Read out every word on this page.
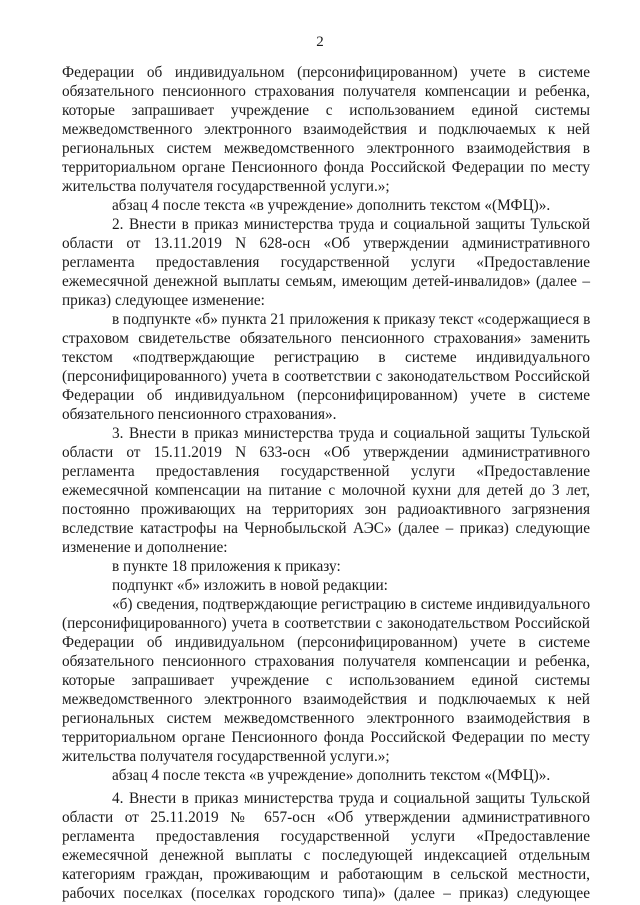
2
Федерации об индивидуальном (персонифицированном) учете в системе
обязательного пенсионного страхования получателя компенсации и ребенка,
которые запрашивает учреждение с использованием единой системы
межведомственного электронного взаимодействия и подключаемых к ней
региональных систем межведомственного электронного взаимодействия в
территориальном органе Пенсионного фонда Российской Федерации по месту
жительства получателя государственной услуги.»;
абзац 4 после текста «в учреждение» дополнить текстом «(МФЦ)».
2. Внести в приказ министерства труда и социальной защиты Тульской
области от 13.11.2019 N 628-осн «Об утверждении административного
регламента предоставления государственной услуги «Предоставление
ежемесячной денежной выплаты семьям, имеющим детей-инвалидов» (далее –
приказ) следующее изменение:
в подпункте «б» пункта 21 приложения к приказу текст «содержащиеся в
страховом свидетельстве обязательного пенсионного страхования» заменить
текстом «подтверждающие регистрацию в системе индивидуального
(персонифицированного) учета в соответствии с законодательством Российской
Федерации об индивидуальном (персонифицированном) учете в системе
обязательного пенсионного страхования».
3. Внести в приказ министерства труда и социальной защиты Тульской
области от 15.11.2019 N 633-осн «Об утверждении административного
регламента предоставления государственной услуги «Предоставление
ежемесячной компенсации на питание с молочной кухни для детей до 3 лет,
постоянно проживающих на территориях зон радиоактивного загрязнения
вследствие катастрофы на Чернобыльской АЭС» (далее – приказ) следующие
изменение и дополнение:
в пункте 18 приложения к приказу:
подпункт «б» изложить в новой редакции:
«б) сведения, подтверждающие регистрацию в системе индивидуального
(персонифицированного) учета в соответствии с законодательством Российской
Федерации об индивидуальном (персонифицированном) учете в системе
обязательного пенсионного страхования получателя компенсации и ребенка,
которые запрашивает учреждение с использованием единой системы
межведомственного электронного взаимодействия и подключаемых к ней
региональных систем межведомственного электронного взаимодействия в
территориальном органе Пенсионного фонда Российской Федерации по месту
жительства получателя государственной услуги.»;
абзац 4 после текста «в учреждение» дополнить текстом «(МФЦ)».
4. Внести в приказ министерства труда и социальной защиты Тульской
области от 25.11.2019 № 657-осн «Об утверждении административного
регламента предоставления государственной услуги «Предоставление
ежемесячной денежной выплаты с последующей индексацией отдельным
категориям граждан, проживающим и работающим в сельской местности,
рабочих поселках (поселках городского типа)» (далее – приказ) следующее
